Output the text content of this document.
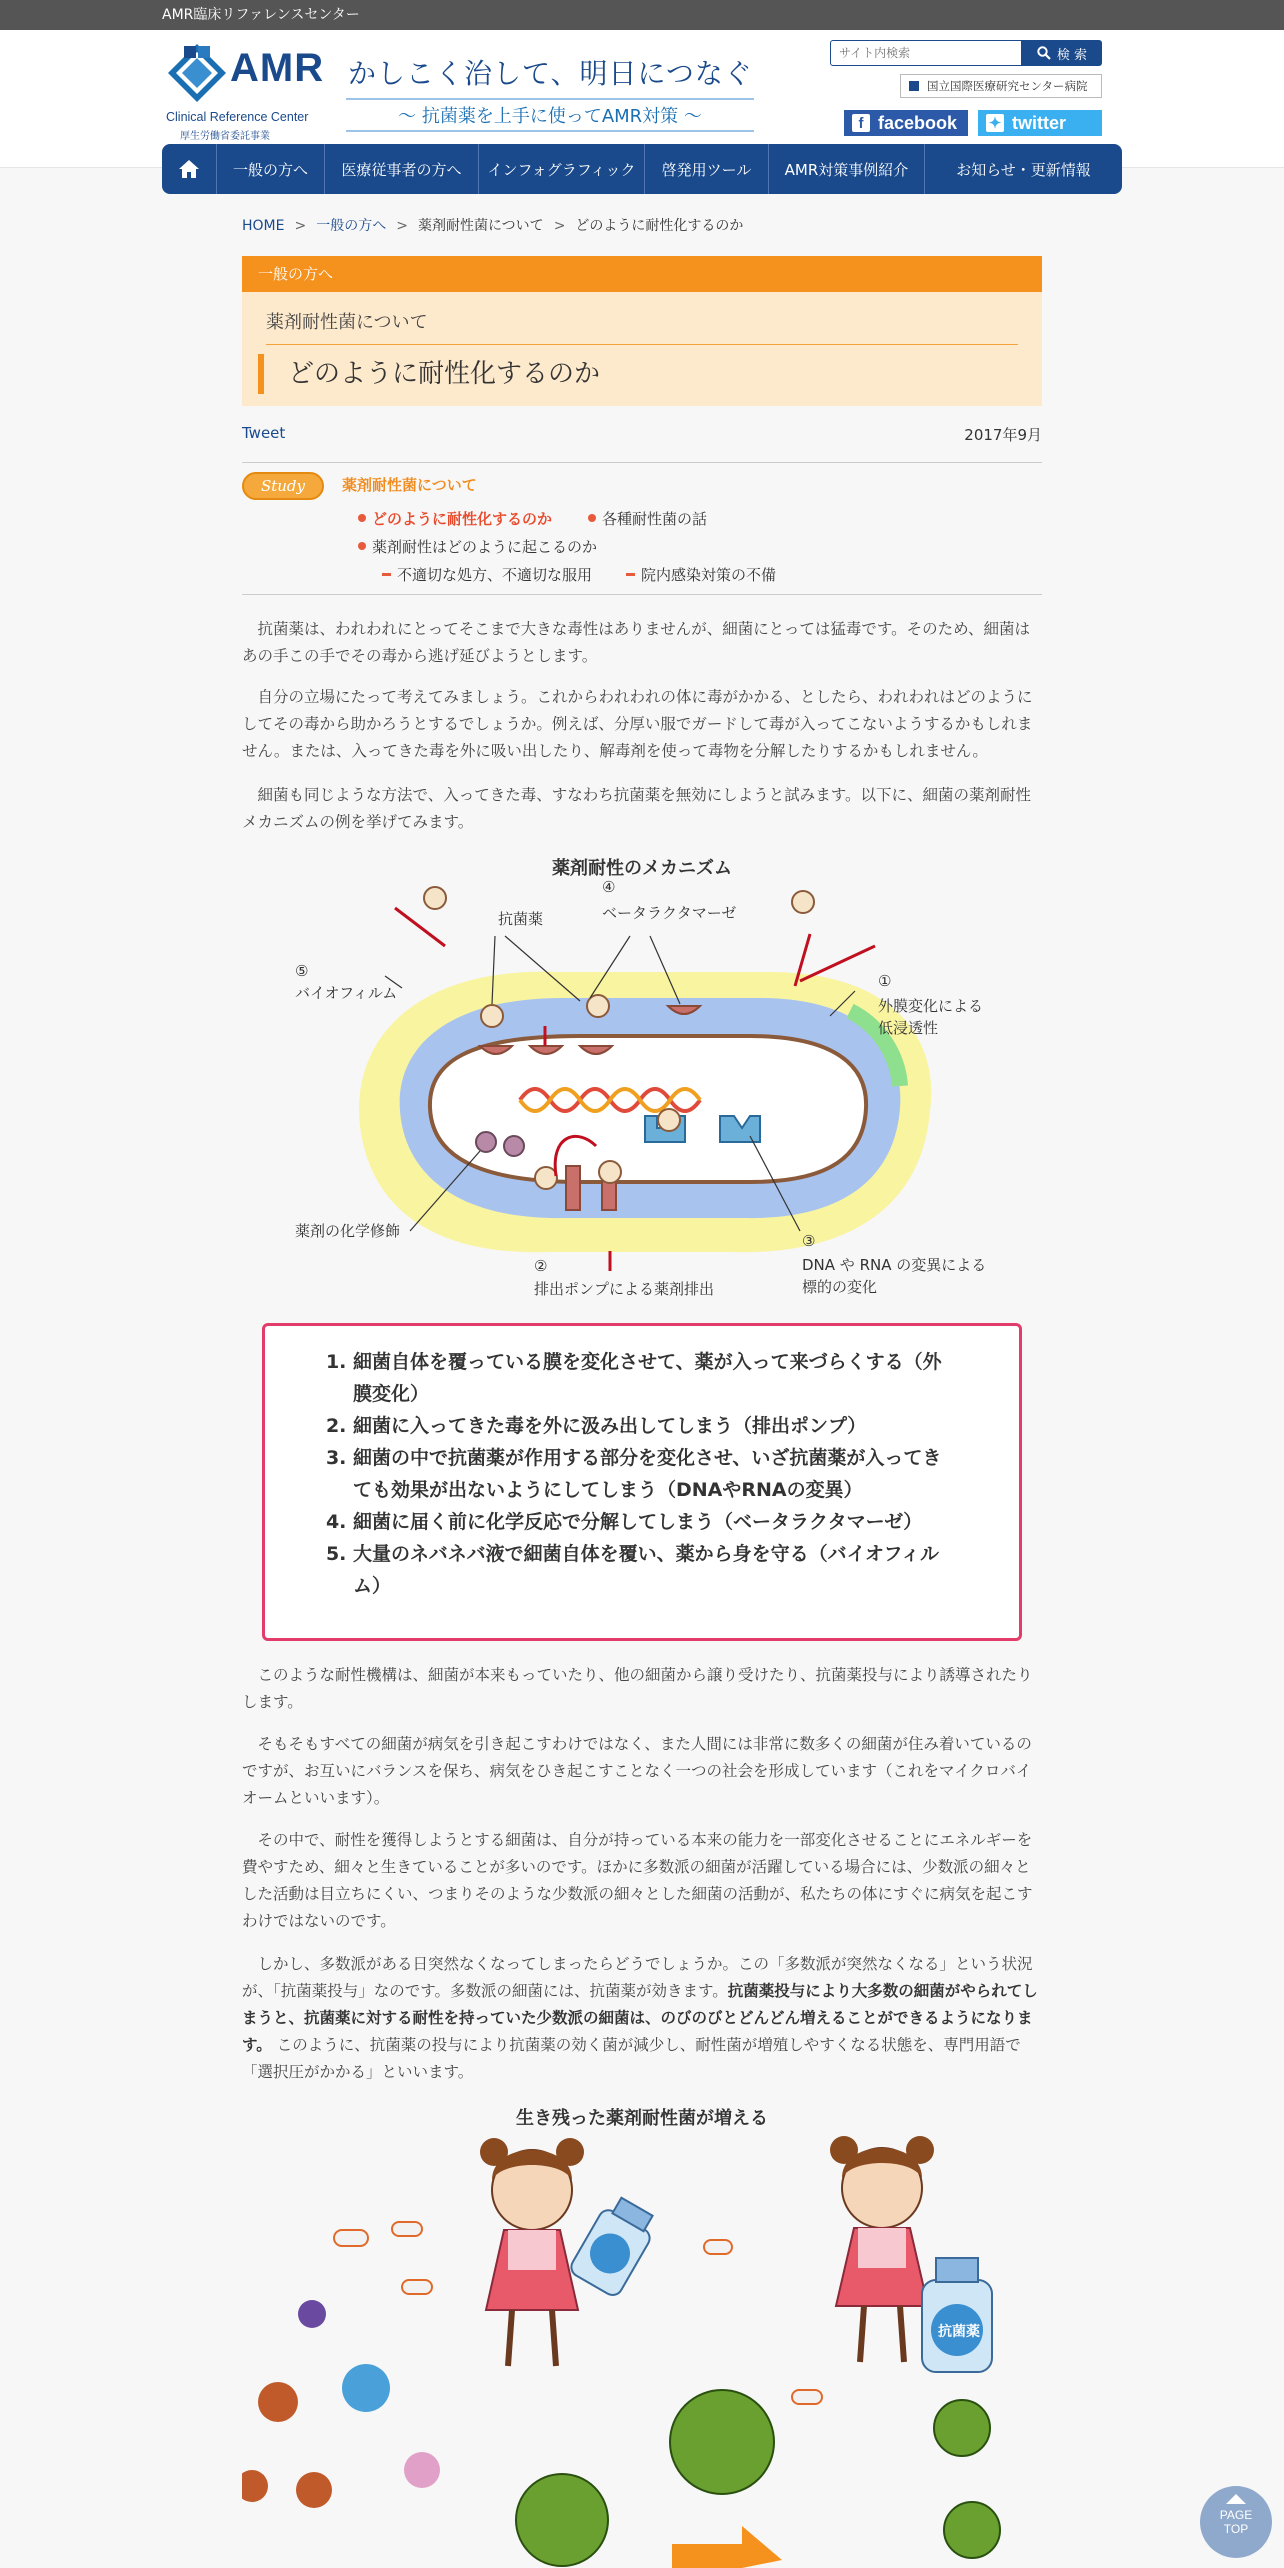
AMR臨床リファレンスセンター
AMR
Clinical Reference Center
厚生労働省委託事業
かしこく治して、明日につなぐ
〜 抗菌薬を上手に使ってAMR対策 〜
サイト内検索
検 索
国立国際医療研究センター病院
f facebook ✦ twitter
一般の方へ	医療従事者の方へ	インフォグラフィック	啓発用ツール	AMR対策事例紹介	お知らせ・更新情報
HOME > 一般の方へ > 薬剤耐性菌について > どのように耐性化するのか
一般の方へ
薬剤耐性菌について
どのように耐性化するのか
Tweet	2017年9月
Study	薬剤耐性菌について
どのように耐性化するのか	各種耐性菌の話
薬剤耐性はどのように起こるのか
不適切な処方、不適切な服用	院内感染対策の不備

抗菌薬は、われわれにとってそこまで大きな毒性はありませんが、細菌にとっては猛毒です。そのため、細菌はあの手この手でその毒から逃げ延びようとします。

自分の立場にたって考えてみましょう。これからわれわれの体に毒がかかる、としたら、われわれはどのようにしてその毒から助かろうとするでしょうか。例えば、分厚い服でガードして毒が入ってこないようするかもしれません。または、入ってきた毒を外に吸い出したり、解毒剤を使って毒物を分解したりするかもしれません。

細菌も同じような方法で、入ってきた毒、すなわち抗菌薬を無効にしようと試みます。以下に、細菌の薬剤耐性メカニズムの例を挙げてみます。

薬剤耐性のメカニズム
抗菌薬
④
ベータラクタマーゼ
⑤
バイオフィルム
①
外膜変化による
低浸透性
薬剤の化学修飾
②
排出ポンプによる薬剤排出
③
DNA や RNA の変異による
標的の変化
1. 細菌自体を覆っている膜を変化させて、薬が入って来づらくする（外膜変化）
2. 細菌に入ってきた毒を外に汲み出してしまう（排出ポンプ）
3. 細菌の中で抗菌薬が作用する部分を変化させ、いざ抗菌薬が入ってきても効果が出ないようにしてしまう（DNAやRNAの変異）
4. 細菌に届く前に化学反応で分解してしまう（ベータラクタマーゼ）
5. 大量のネバネバ液で細菌自体を覆い、薬から身を守る（バイオフィルム）

このような耐性機構は、細菌が本来もっていたり、他の細菌から譲り受けたり、抗菌薬投与により誘導されたりします。

そもそもすべての細菌が病気を引き起こすわけではなく、また人間には非常に数多くの細菌が住み着いているのですが、お互いにバランスを保ち、病気をひき起こすことなく一つの社会を形成しています（これをマイクロバイオームといいます）。

その中で、耐性を獲得しようとする細菌は、自分が持っている本来の能力を一部変化させることにエネルギーを費やすため、細々と生きていることが多いのです。ほかに多数派の細菌が活躍している場合には、少数派の細々とした活動は目立ちにくい、つまりそのような少数派の細々とした細菌の活動が、私たちの体にすぐに病気を起こすわけではないのです。

しかし、多数派がある日突然なくなってしまったらどうでしょうか。この「多数派が突然なくなる」という状況が、「抗菌薬投与」なのです。多数派の細菌には、抗菌薬が効きます。抗菌薬投与により大多数の細菌がやられてしまうと、抗菌薬に対する耐性を持っていた少数派の細菌は、のびのびとどんどん増えることができるようになります。 このように、抗菌薬の投与により抗菌薬の効く菌が減少し、耐性菌が増殖しやすくなる状態を、専門用語で「選択圧がかかる」といいます。

生き残った薬剤耐性菌が増える
抗菌薬
PAGE
TOP
